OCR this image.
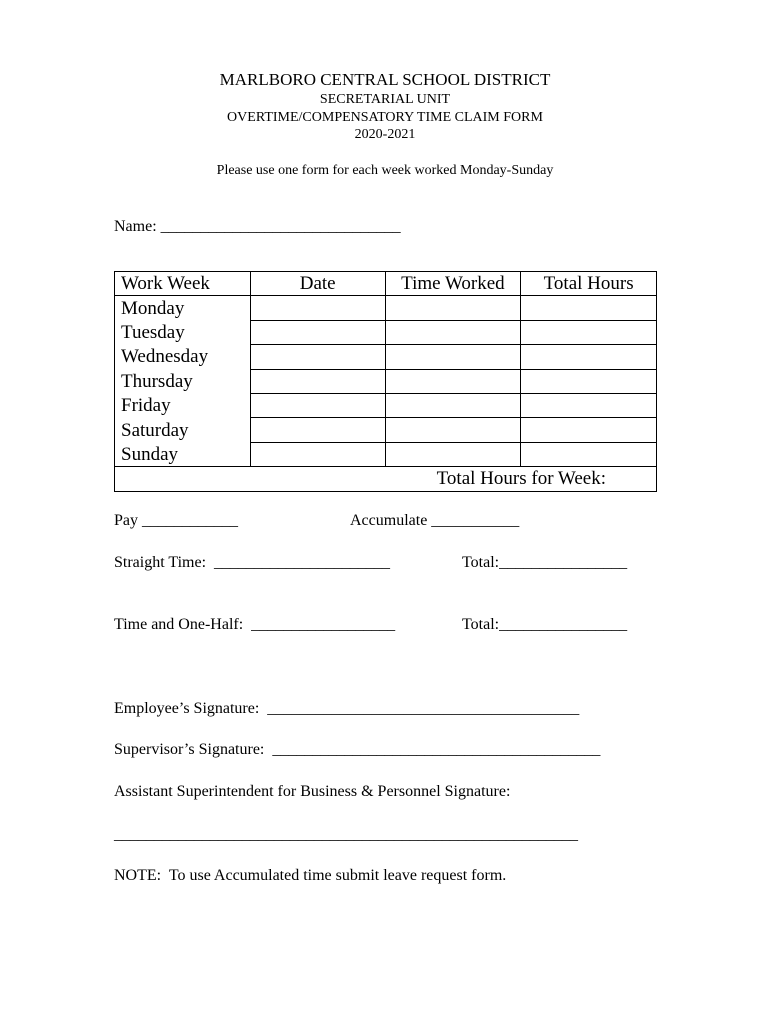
MARLBORO CENTRAL SCHOOL DISTRICT
SECRETARIAL UNIT
OVERTIME/COMPENSATORY TIME CLAIM FORM
2020-2021
Please use one form for each week worked Monday-Sunday
Name: ______________________________
Work Week	Date	Time Worked	Total Hours
Monday			
Tuesday			
Wednesday			
Thursday			
Friday			
Saturday			
Sunday			
Total Hours for Week:			
Pay ____________	Accumulate ___________
Straight Time:  ______________________	Total:________________
Time and One-Half:  __________________	Total:________________
Employee’s Signature:  _______________________________________
Supervisor’s Signature:  _________________________________________
Assistant Superintendent for Business & Personnel Signature:
__________________________________________________________
NOTE:  To use Accumulated time submit leave request form.
